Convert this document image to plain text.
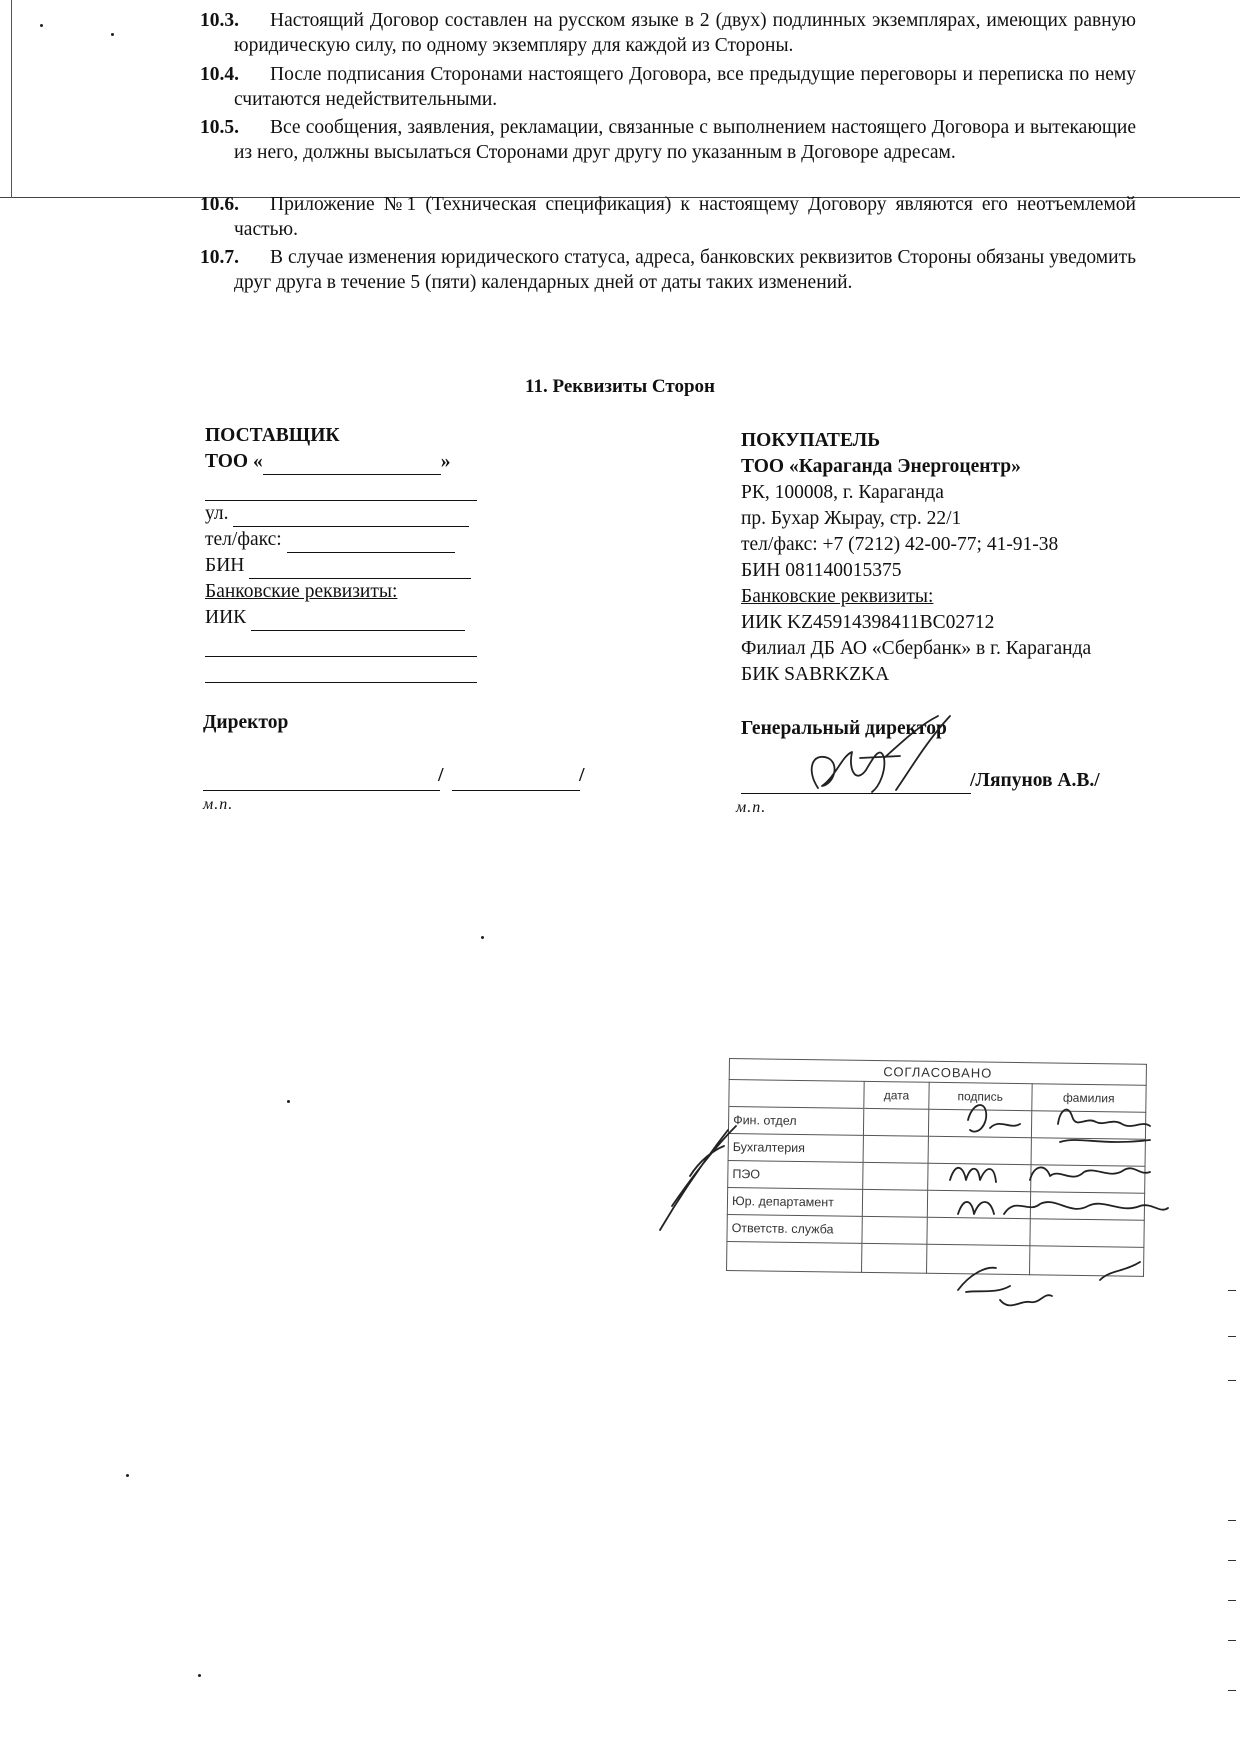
10.3.	Настоящий Договор составлен на русском языке в 2 (двух) подлинных экземплярах, имеющих равную юридическую силу, по одному экземпляру для каждой из Стороны.
10.4.	После подписания Сторонами настоящего Договора, все предыдущие переговоры и переписка по нему считаются недействительными.
10.5.	Все сообщения, заявления, рекламации, связанные с выполнением настоящего Договора и вытекающие из него, должны высылаться Сторонами друг другу по указанным в Договоре адресам.
10.6.	Приложение №1 (Техническая спецификация) к настоящему Договору являются его неотъемлемой частью.
10.7.	В случае изменения юридического статуса, адреса, банковских реквизитов Стороны обязаны уведомить друг друга в течение 5 (пяти) календарных дней от даты таких изменений.
11. Реквизиты Сторон
ПОСТАВЩИК
ТОО «	»
ул.
тел/факс:
БИН
Банковские реквизиты:
ИИК
ПОКУПАТЕЛЬ
ТОО «Караганда Энергоцентр»
РК, 100008, г. Караганда
пр. Бухар Жырау, стр. 22/1
тел/факс: +7 (7212) 42-00-77; 41-91-38
БИН 081140015375
Банковские реквизиты:
ИИК KZ45914398411BC02712
Филиал ДБ АО «Сбербанк» в г. Караганда
БИК SABRKZKA
Директор
/	/
м.п.
Генеральный директор
/Ляпунов А.В./
м.п.
СОГЛАСОВАНО			
	дата	подпись	фамилия
Фин. отдел			
Бухгалтерия			
ПЭО			
Юр. департамент			
Ответств. служба			
